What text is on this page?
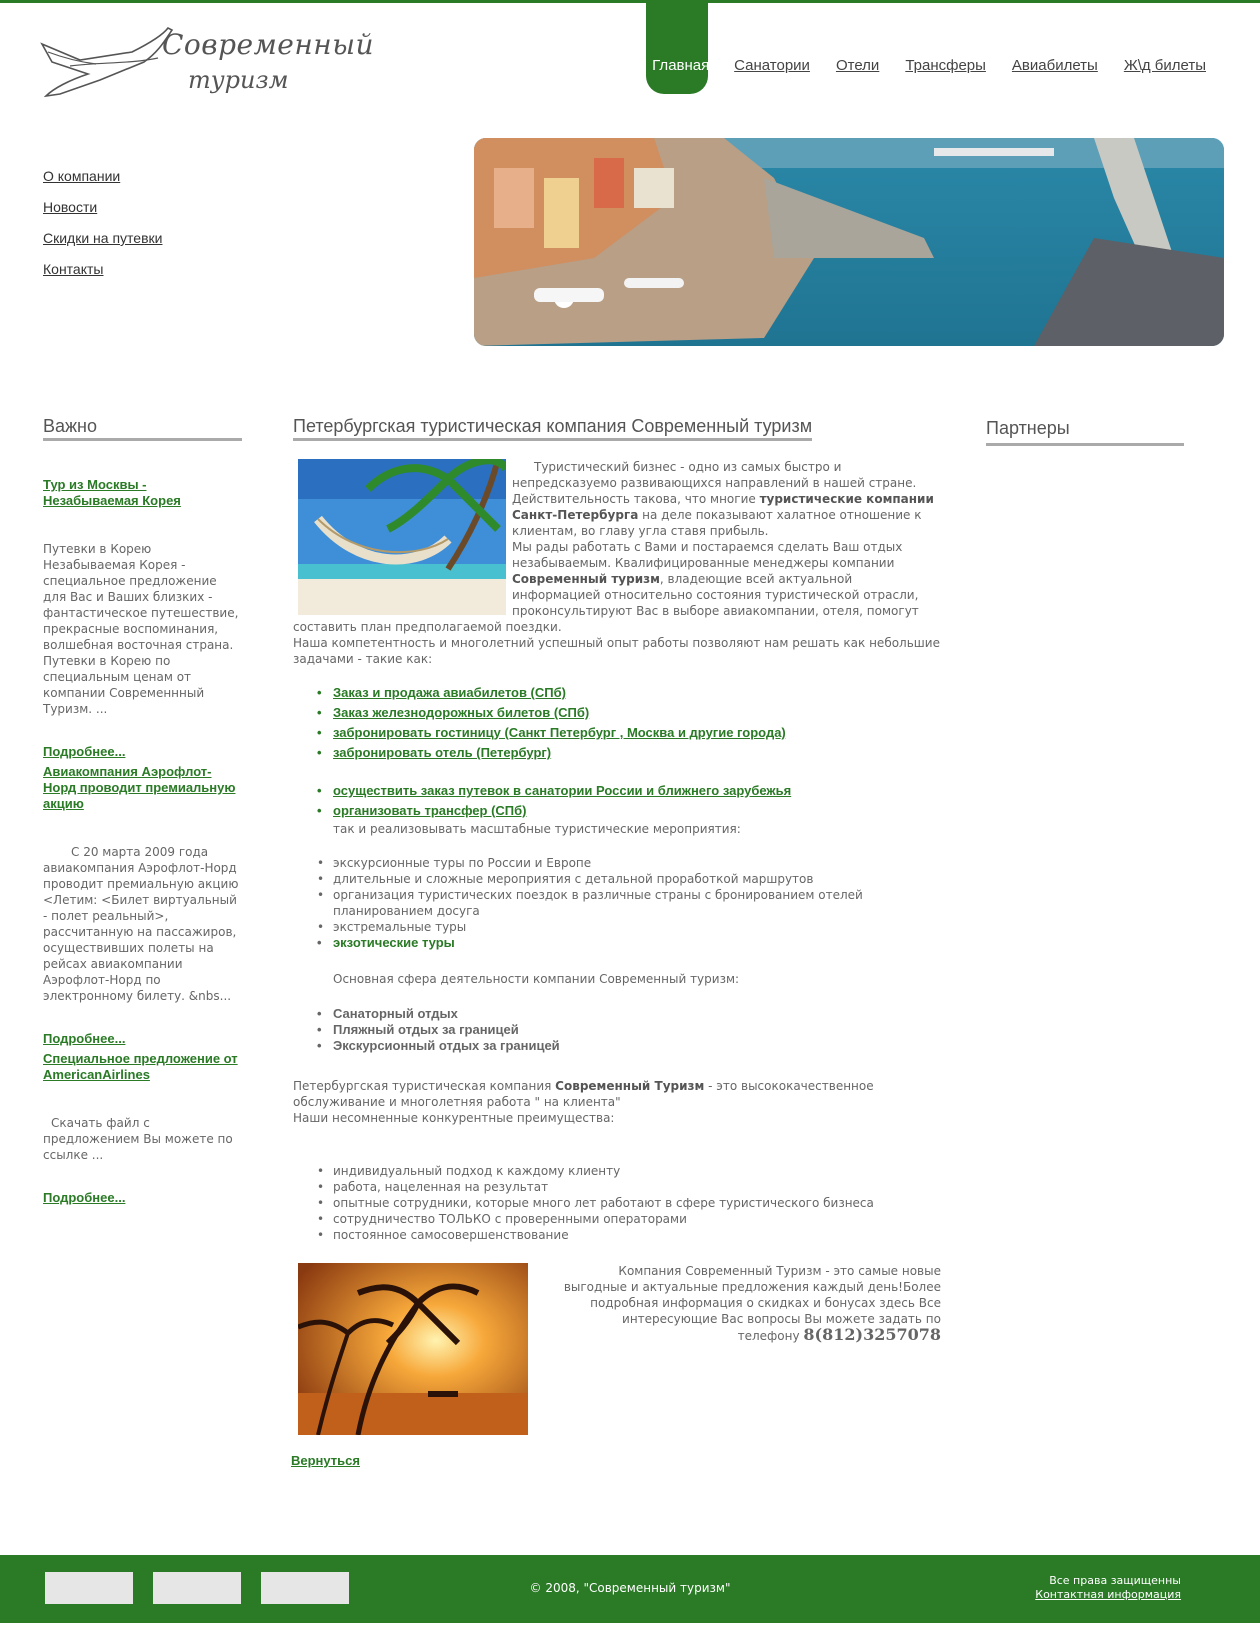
Современный
туризм
Главная Санатории Отели Трансферы Авиабилеты Ж\д билеты
О компании
Новости
Скидки на путевки
Контакты
Важно
Тур из Москвы - Незабываемая Корея
Путевки в Корею Незабываемая Корея - специальное предложение для Вас и Ваших близких - фантастическое путешествие, прекрасные воспоминания, волшебная восточная страна. Путевки в Корею по специальным ценам от компании Современнный Туризм. ...
Подробнее...
Авиакомпания Аэрофлот-Норд проводит премиальную акцию
С 20 марта 2009 года авиакомпания Аэрофлот-Норд проводит премиальную акцию <Летим: <Билет виртуальный - полет реальный>, рассчитанную на пассажиров, осуществивших полеты на рейсах авиакомпании Аэрофлот-Норд по электронному билету. &nbs...
Подробнее...
Специальное предложение от AmericanAirlines
Скачать файл с предложением Вы можете по ссылке ...
Подробнее...
Петербургская туристическая компания Современный туризм

Туристический бизнес - одно из самых быстро и непредсказуемо развивающихся направлений в нашей стране. Действительность такова, что многие туристические компании Санкт-Петербурга на деле показывают халатное отношение к клиентам, во главу угла ставя прибыль.

Мы рады работать с Вами и постараемся сделать Ваш отдых незабываемым. Квалифицированные менеджеры компании Современный туризм, владеющие всей актуальной информацией относительно состояния туристической отрасли, проконсультируют Вас в выборе авиакомпании, отеля, помогут составить план предполагаемой поездки.

Наша компетентность и многолетний успешный опыт работы позволяют нам решать как небольшие задачами - такие как:

• Заказ и продажа авиабилетов (СПб)
• Заказ железнодорожных билетов (СПб)
• забронировать гостиницу (Санкт Петербург , Москва и другие города)
• забронировать отель (Петербург)
• осуществить заказ путевок в санатории России и ближнего зарубежья
• организовать трансфер (СПб)
так и реализовывать масштабные туристические мероприятия:
• экскурсионные туры по России и Европе
• длительные и сложные мероприятия с детальной проработкой маршрутов
• организация туристических поездок в различные страны с бронированием отелей планированием досуга
• экстремальные туры
• экзотические туры
Основная сфера деятельности компании Современный туризм:
• Санаторный отдых
• Пляжный отдых за границей
• Экскурсионный отдых за границей
Петербургская туристическая компания Современный Туризм - это высококачественное обслуживание и многолетняя работа " на клиента"
Наши несомненные конкурентные преимущества:
• индивидуальный подход к каждому клиенту
• работа, нацеленная на результат
• опытные сотрудники, которые много лет работают в сфере туристического бизнеса
• сотрудничество ТОЛЬКО с проверенными операторами
• постоянное самосовершенствование
Компания Современный Туризм - это самые новые выгодные и актуальные предложения каждый день!Более подробная информация о скидках и бонусах здесь Все интересующие Вас вопросы Вы можете задать по телефону 8(812)3257078
Вернуться
Партнеры
© 2008, "Современный туризм"
Все права защищенны
Контактная информация
